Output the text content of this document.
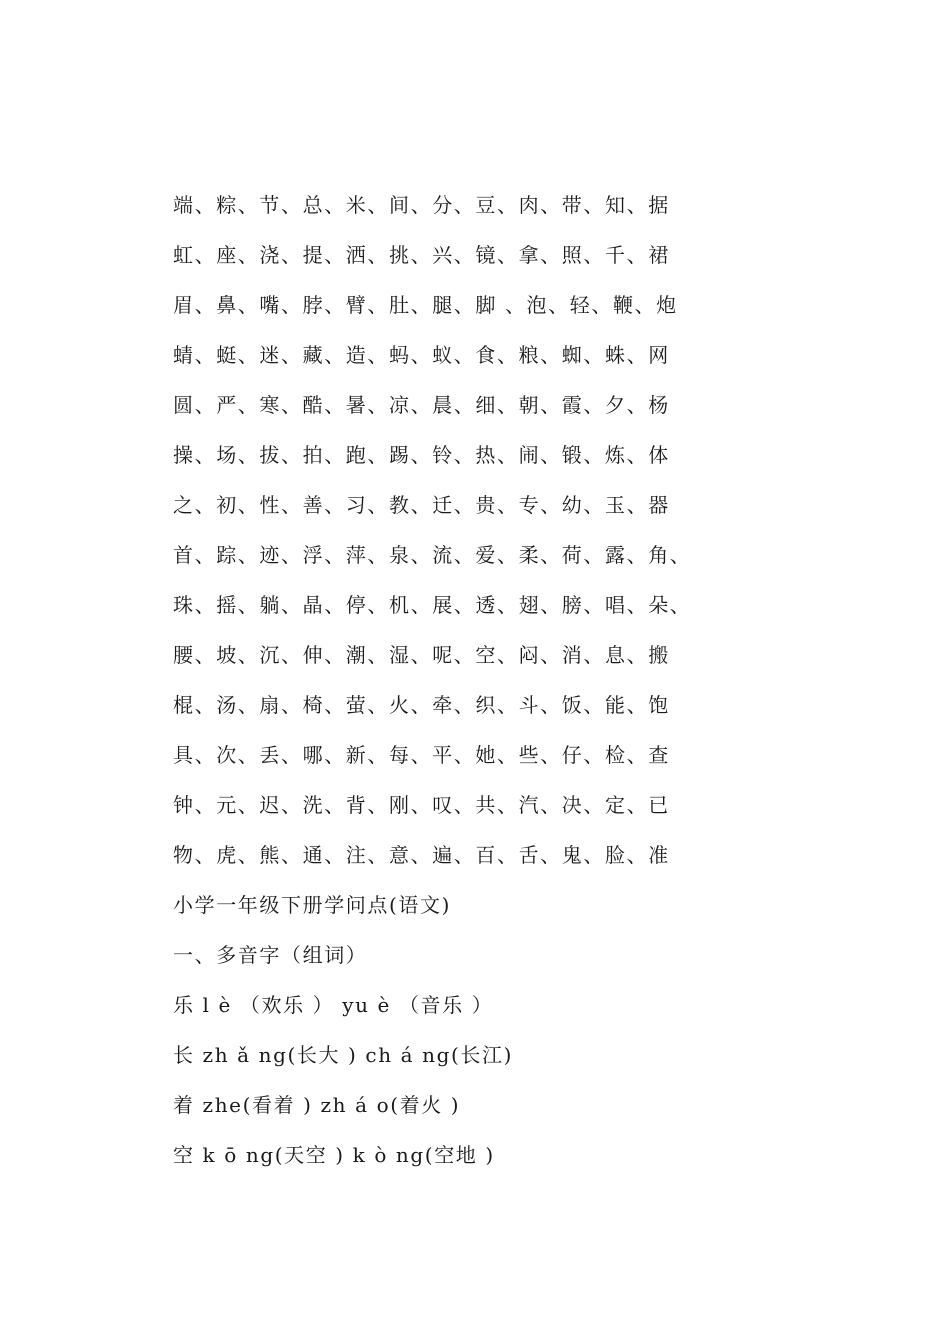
端、粽、节、总、米、间、分、豆、肉、带、知、据
虹、座、浇、提、洒、挑、兴、镜、拿、照、千、裙
眉、鼻、嘴、脖、臂、肚、腿、脚 、泡、轻、鞭、炮
蜻、蜓、迷、藏、造、蚂、蚁、食、粮、蜘、蛛、网
圆、严、寒、酷、暑、凉、晨、细、朝、霞、夕、杨
操、场、拔、拍、跑、踢、铃、热、闹、锻、炼、体
之、初、性、善、习、教、迁、贵、专、幼、玉、器
首、踪、迹、浮、萍、泉、流、爱、柔、荷、露、角、
珠、摇、躺、晶、停、机、展、透、翅、膀、唱、朵、
腰、坡、沉、伸、潮、湿、呢、空、闷、消、息、搬
棍、汤、扇、椅、萤、火、牵、织、斗、饭、能、饱
具、次、丢、哪、新、每、平、她、些、仔、检、查
钟、元、迟、洗、背、刚、叹、共、汽、决、定、已
物、虎、熊、通、注、意、遍、百、舌、鬼、脸、准
小学一年级下册学问点(语文)
一、多音字（组词）
乐 l è （欢乐 ） yu è （音乐 ）
长 zh ǎ ng(长大 ) ch á ng(长江)
着 zhe(看着 ) zh á o(着火 )
空 k ō ng(天空 ) k ò ng(空地 )
